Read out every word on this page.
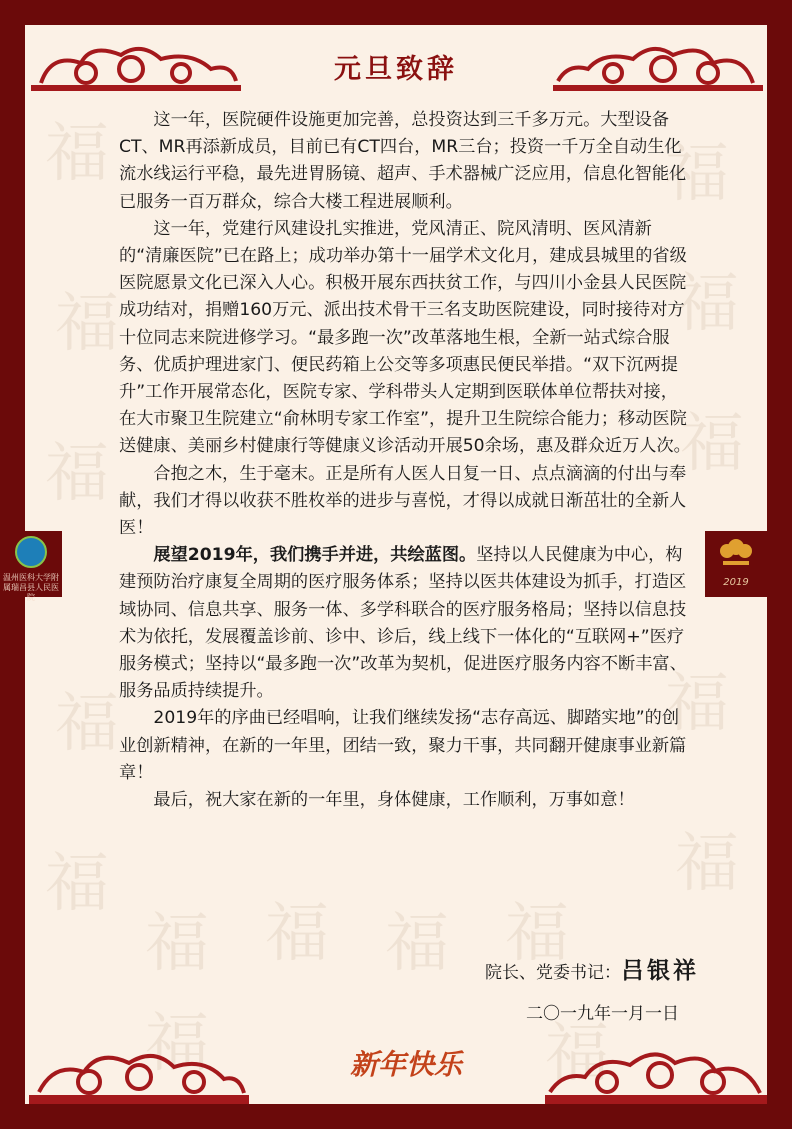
福	福
福	福
福	福
福	福
福	福
福 福 福 福
福	福
元旦致辞

这一年，医院硬件设施更加完善，总投资达到三千多万元。大型设备CT、MR再添新成员，目前已有CT四台，MR三台；投资一千万全自动生化流水线运行平稳，最先进胃肠镜、超声、手术器械广泛应用，信息化智能化已服务一百万群众，综合大楼工程进展顺利。

这一年，党建行风建设扎实推进，党风清正、院风清明、医风清新的“清廉医院”已在路上；成功举办第十一届学术文化月，建成县城里的省级医院愿景文化已深入人心。积极开展东西扶贫工作，与四川小金县人民医院成功结对，捐赠160万元、派出技术骨干三名支助医院建设，同时接待对方十位同志来院进修学习。“最多跑一次”改革落地生根，全新一站式综合服务、优质护理进家门、便民药箱上公交等多项惠民便民举措。“双下沉两提升”工作开展常态化，医院专家、学科带头人定期到医联体单位帮扶对接，在大市聚卫生院建立“俞林明专家工作室”，提升卫生院综合能力；移动医院送健康、美丽乡村健康行等健康义诊活动开展50余场，惠及群众近万人次。

合抱之木，生于毫末。正是所有人医人日复一日、点点滴滴的付出与奉献，我们才得以收获不胜枚举的进步与喜悦，才得以成就日渐茁壮的全新人医！

展望2019年，我们携手并进，共绘蓝图。坚持以人民健康为中心，构建预防治疗康复全周期的医疗服务体系；坚持以医共体建设为抓手，打造区域协同、信息共享、服务一体、多学科联合的医疗服务格局；坚持以信息技术为依托，发展覆盖诊前、诊中、诊后，线上线下一体化的“互联网+”医疗服务模式；坚持以“最多跑一次”改革为契机，促进医疗服务内容不断丰富、服务品质持续提升。

2019年的序曲已经唱响，让我们继续发扬“志存高远、脚踏实地”的创业创新精神，在新的一年里，团结一致，聚力干事，共同翻开健康事业新篇章！

最后，祝大家在新的一年里，身体健康，工作顺利，万事如意！

院长、党委书记：吕银祥
二〇一九年一月一日
新年快乐
温州医科大学附属瑞昌县人民医院
2019
